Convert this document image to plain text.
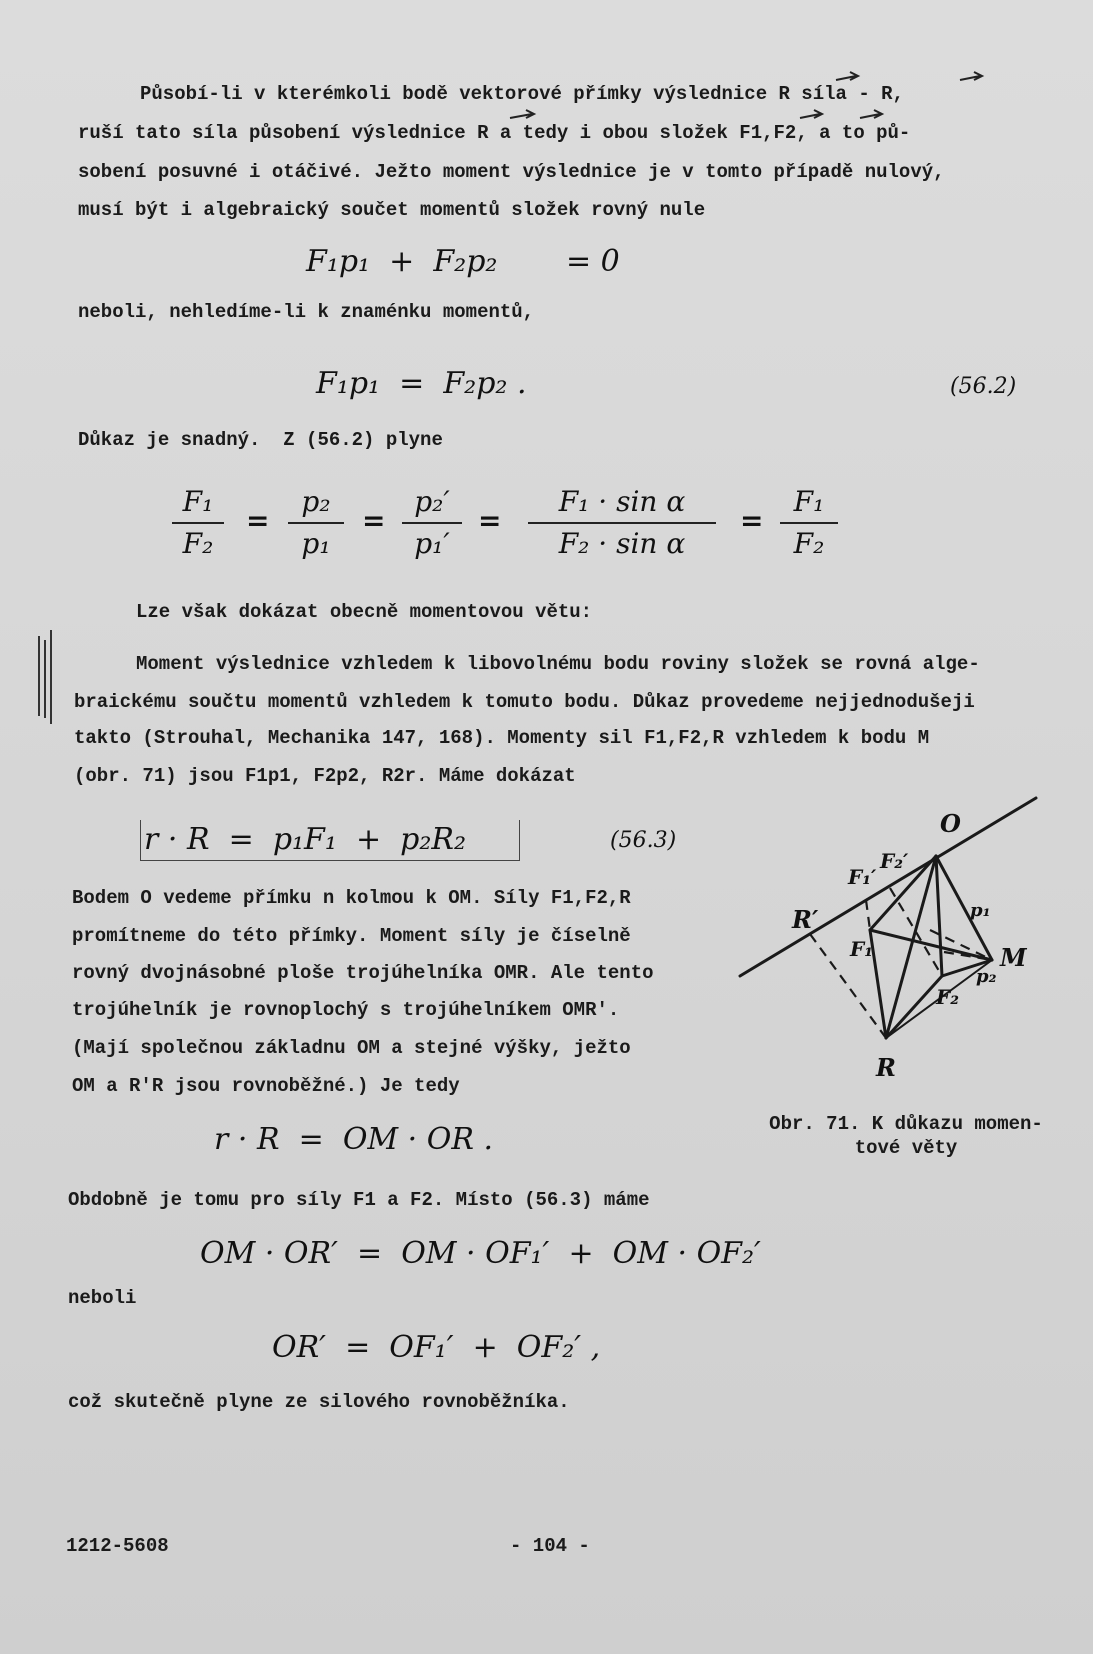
Působí-li v kterémkoli bodě vektorové přímky výslednice R síla - R,
ruší tato síla působení výslednice R a tedy i obou složek F1,F2, a to pů-
sobení posuvné i otáčivé. Ježto moment výslednice je v tomto případě nulový,
musí být i algebraický součet momentů složek rovný nule
F₁p₁  +  F₂p₂ = 0
neboli, nehledíme-li k znaménku momentů,
F₁p₁  =  F₂p₂ .	(56.2)
Důkaz je snadný.  Z (56.2) plyne
F₁
F₂
=
p₂
p₁
=
p₂′
p₁′
=
F₁ · sin α
F₂ · sin α
=
F₁
F₂
Lze však dokázat obecně momentovou větu:
Moment výslednice vzhledem k libovolnému bodu roviny složek se rovná alge-
braickému součtu momentů vzhledem k tomuto bodu. Důkaz provedeme nejjednodušeji
takto (Strouhal, Mechanika 147, 168). Momenty sil F1,F2,R vzhledem k bodu M
(obr. 71) jsou F1p1, F2p2, R2r. Máme dokázat
r · R  =  p₁F₁  +  p₂R₂	(56.3)
Bodem O vedeme přímku n kolmou k OM. Síly F1,F2,R
promítneme do této přímky. Moment síly je číselně
rovný dvojnásobné ploše trojúhelníka OMR. Ale tento
trojúhelník je rovnoplochý s trojúhelníkem OMR′.
(Mají společnou základnu OM a stejné výšky, ježto
OM a R′R jsou rovnoběžné.) Je tedy
O
M
R
R′
F₁
F₂
F₁′
F₂′
p₁
p₂
Obr. 71. K důkazu momen-
tové věty
r · R  =  OM · OR .
Obdobně je tomu pro síly F1 a F2. Místo (56.3) máme
OM · OR′  =  OM · OF₁′  +  OM · OF₂′
neboli
OR′  =  OF₁′  +  OF₂′ ,
což skutečně plyne ze silového rovnoběžníka.
1212-5608	- 104 -
